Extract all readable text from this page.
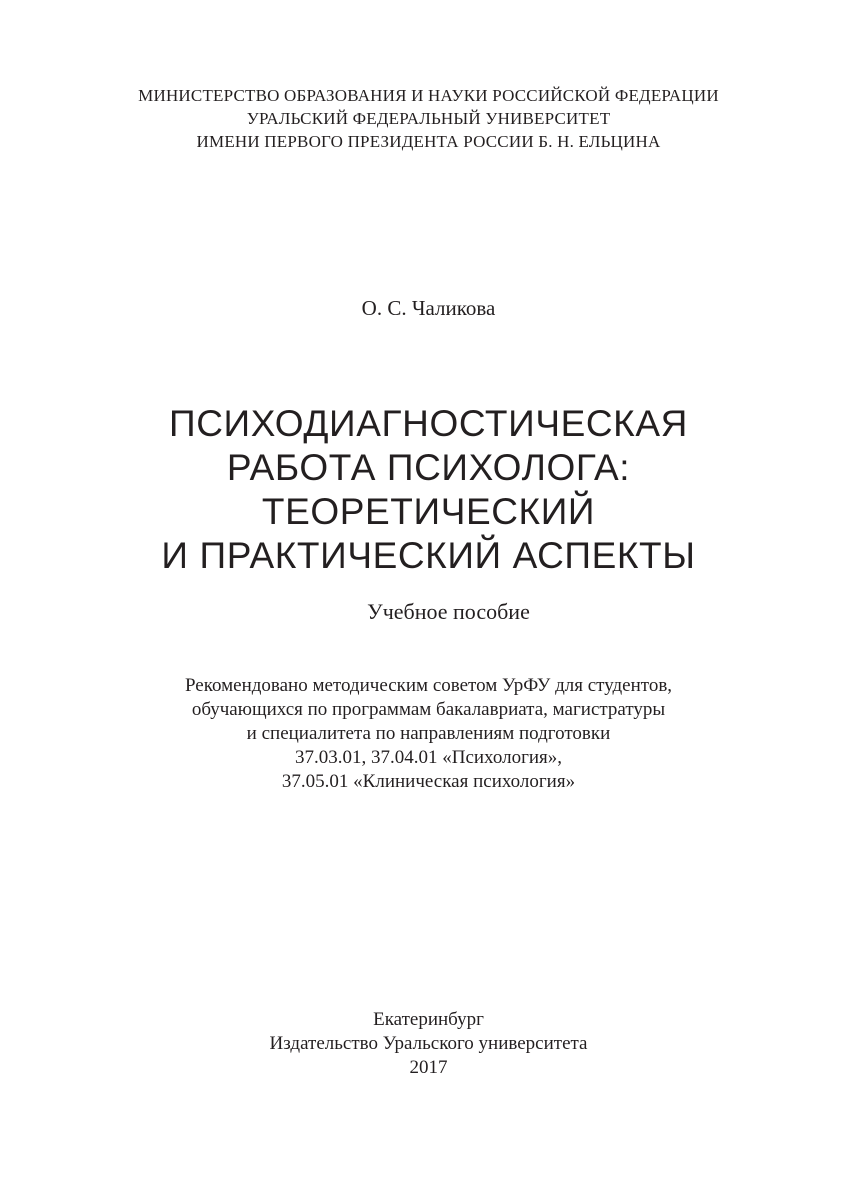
МИНИСТЕРСТВО ОБРАЗОВАНИЯ И НАУКИ РОССИЙСКОЙ ФЕДЕРАЦИИ
УРАЛЬСКИЙ ФЕДЕРАЛЬНЫЙ УНИВЕРСИТЕТ
ИМЕНИ ПЕРВОГО ПРЕЗИДЕНТА РОССИИ Б. Н. ЕЛЬЦИНА
О. С. Чаликова
ПСИХОДИАГНОСТИЧЕСКАЯ
РАБОТА ПСИХОЛОГА:
ТЕОРЕТИЧЕСКИЙ
И ПРАКТИЧЕСКИЙ АСПЕКТЫ
Учебное пособие
Рекомендовано методическим советом УрФУ для студентов,
обучающихся по программам бакалавриата, магистратуры
и специалитета по направлениям подготовки
37.03.01, 37.04.01 «Психология»,
37.05.01 «Клиническая психология»
Екатеринбург
Издательство Уральского университета
2017
